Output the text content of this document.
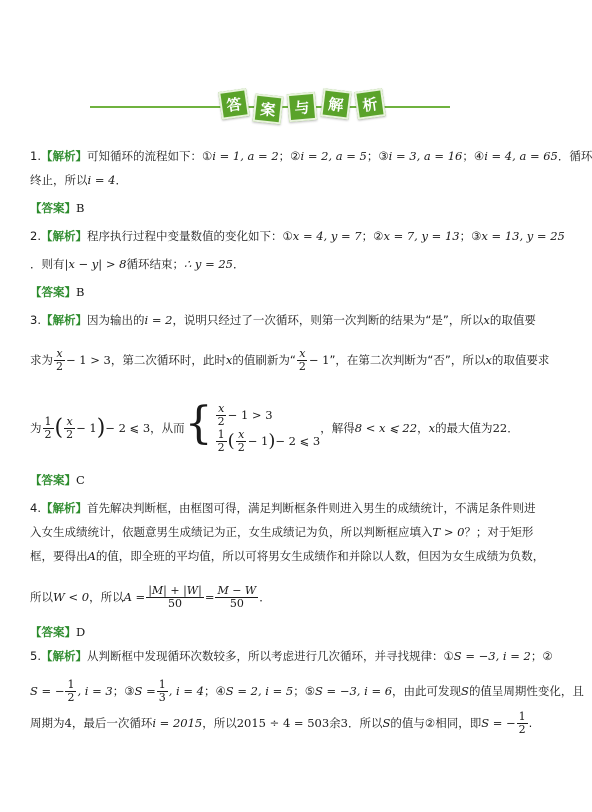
答	案	与	解	析
1.【解析】可知循环的流程如下：①i = 1, a = 2；②i = 2, a = 5；③i = 3, a = 16；④i = 4, a = 65．循环
终止，所以i = 4．
【答案】B
2.【解析】程序执行过程中变量数值的变化如下：①x = 4, y = 7；②x = 7, y = 13；③x = 13, y = 25
．则有|x − y| > 8循环结束；∴ y = 25．
【答案】B
3.【解析】因为输出的i = 2，说明只经过了一次循环，则第一次判断的结果为“是”，所以x的取值要
求为 $\frac{x}{2} - 1 > 3$，第二次循环时，此时x的值刷新为“ $\frac{x}{2} - 1$”，在第二次判断为“否”，所以x的取值要求
为 $\frac{1}{2}$ ( $\frac{x}{2} - 1)- 2$ ⩽ 3，从而 { $\frac{x}{2} - 1 > 3$
$\frac{1}{2}$ ( $\frac{x}{2} - 1)- 2$ ⩽ 3
，解得8 < x ⩽ 22，x的最大值为22．
【答案】C
4.【解析】首先解决判断框，由框图可得，满足判断框条件则进入男生的成绩统计，不满足条件则进
入女生成绩统计，依题意男生成绩记为正，女生成绩记为负，所以判断框应填入T > 0？；对于矩形
框，要得出A的值，即全班的平均值，所以可将男女生成绩作和并除以人数，但因为女生成绩为负数，
所以W < 0，所以$A = \frac{|M| + |W|}{50} = \frac{M - W}{50}$ ．
【答案】D
5.【解析】从判断框中发现循环次数较多，所以考虑进行几次循环，并寻找规律：①S = −3, i = 2；②
S = − $\frac{1}{2}$ , i = 3；③S = $\frac{1}{3}$ , i = 4；④S = 2, i = 5；⑤S = −3, i = 6，由此可发现S的值呈周期性变化，且
周期为4，最后一次循环i = 2015，所以2015 ÷ 4 = 503余3．所以S的值与②相同，即S = − $\frac{1}{2}$ .
